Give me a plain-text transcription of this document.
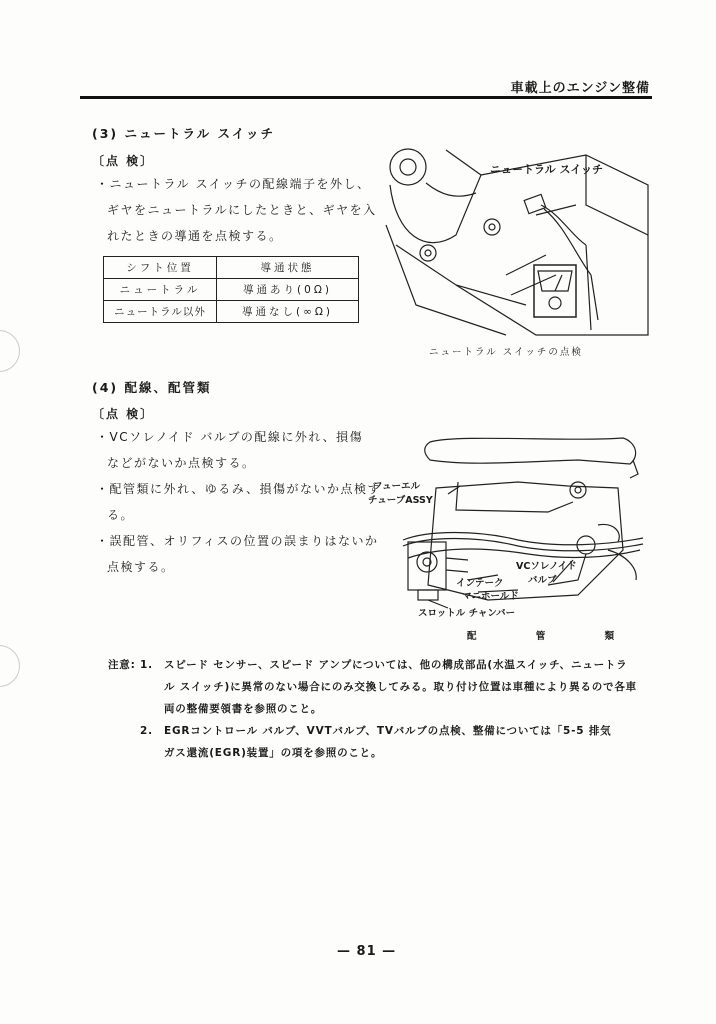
車載上のエンジン整備
(3) ニュートラル スイッチ
〔点 検〕
・ニュートラル スイッチの配線端子を外し、
ギヤをニュートラルにしたときと、ギヤを入
れたときの導通を点検する。
シフト位置	導通状態
ニュートラル	導通あり(0Ω)
ニュートラル以外	導通なし(∞Ω)
ニュートラル スイッチ
ニュートラル スイッチの点検
(4) 配線、配管類
〔点 検〕
・VCソレノイド バルブの配線に外れ、損傷
などがないか点検する。
・配管類に外れ、ゆるみ、損傷がないか点検す
る。
・誤配管、オリフィスの位置の誤まりはないか
点検する。
フューエル
チューブASSY
VCソレノイド
バルブ
インテーク
マニホールド
スロットル チャンバー
配 管 類
注意: 1.	スピード センサー、スピード アンプについては、他の構成部品(水温スイッチ、ニュートラ
ル スイッチ)に異常のない場合にのみ交換してみる。取り付け位置は車種により異るので各車
両の整備要領書を参照のこと。
2.	EGRコントロール バルブ、VVTバルブ、TVバルブの点検、整備については「5-5 排気
ガス還流(EGR)装置」の項を参照のこと。
— 81 —
